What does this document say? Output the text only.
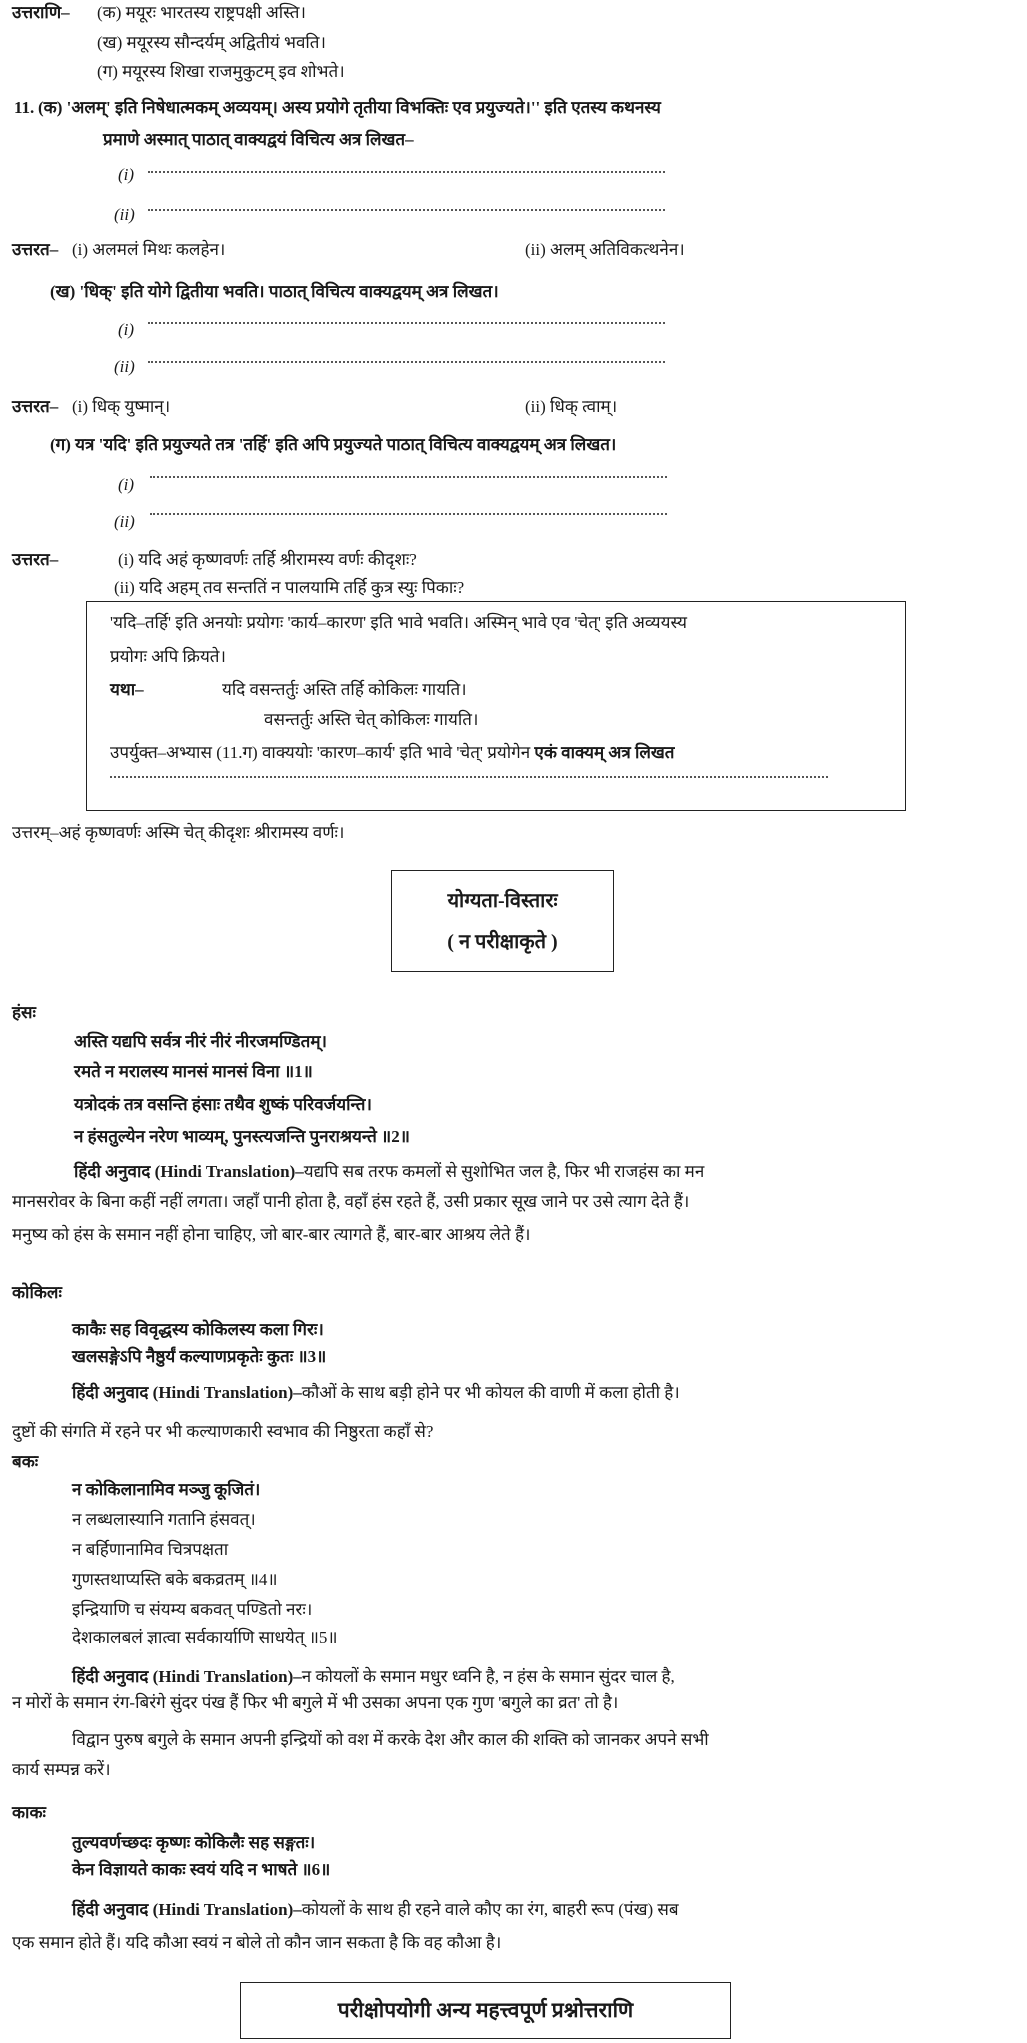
उत्तराणि– (क) मयूरः भारतस्य राष्ट्रपक्षी अस्ति।
(ख) मयूरस्य सौन्दर्यम् अद्वितीयं भवति।
(ग) मयूरस्य शिखा राजमुकुटम् इव शोभते।
11. (क) 'अलम्' इति निषेधात्मकम् अव्ययम्। अस्य प्रयोगे तृतीया विभक्तिः एव प्रयुज्यते।'' इति एतस्य कथनस्य
प्रमाणे अस्मात् पाठात् वाक्यद्वयं विचित्य अत्र लिखत–
(i)
(ii)
उत्तरत– (i) अलमलं मिथः कलहेन।	(ii) अलम् अतिविकत्थनेन।
(ख) 'धिक्' इति योगे द्वितीया भवति। पाठात् विचित्य वाक्यद्वयम् अत्र लिखत।
(i)
(ii)
उत्तरत– (i) धिक् युष्मान्।	(ii) धिक् त्वाम्।
(ग) यत्र 'यदि' इति प्रयुज्यते तत्र 'तर्हि' इति अपि प्रयुज्यते पाठात् विचित्य वाक्यद्वयम् अत्र लिखत।
(i)
(ii)
उत्तरत–	(i) यदि अहं कृष्णवर्णः तर्हि श्रीरामस्य वर्णः कीदृशः?
(ii) यदि अहम् तव सन्ततिं न पालयामि तर्हि कुत्र स्युः पिकाः?
'यदि–तर्हि' इति अनयोः प्रयोगः 'कार्य–कारण' इति भावे भवति। अस्मिन् भावे एव 'चेत्' इति अव्ययस्य
प्रयोगः अपि क्रियते।
यथा–	यदि वसन्तर्तुः अस्ति तर्हि कोकिलः गायति।
वसन्तर्तुः अस्ति चेत् कोकिलः गायति।
उपर्युक्त–अभ्यास (11.ग) वाक्ययोः 'कारण–कार्य' इति भावे 'चेत्' प्रयोगेन एकं वाक्यम् अत्र लिखत
उत्तरम्–अहं कृष्णवर्णः अस्मि चेत् कीदृशः श्रीरामस्य वर्णः।
योग्यता-विस्तारः
( न परीक्षाकृते )
हंसः
अस्ति यद्यपि सर्वत्र नीरं नीरं नीरजमण्डितम्।
रमते न मरालस्य मानसं मानसं विना ॥1॥
यत्रोदकं तत्र वसन्ति हंसाः तथैव शुष्कं परिवर्जयन्ति।
न हंसतुल्येन नरेण भाव्यम्, पुनस्त्यजन्ति पुनराश्रयन्ते ॥2॥
हिंदी अनुवाद (Hindi Translation)–यद्यपि सब तरफ कमलों से सुशोभित जल है, फिर भी राजहंस का मन
मानसरोवर के बिना कहीं नहीं लगता। जहाँ पानी होता है, वहाँ हंस रहते हैं, उसी प्रकार सूख जाने पर उसे त्याग देते हैं।
मनुष्य को हंस के समान नहीं होना चाहिए, जो बार-बार त्यागते हैं, बार-बार आश्रय लेते हैं।
कोकिलः
काकैः सह विवृद्धस्य कोकिलस्य कला गिरः।
खलसङ्गेऽपि नैष्ठुर्यं कल्याणप्रकृतेः कुतः ॥3॥
हिंदी अनुवाद (Hindi Translation)–कौओं के साथ बड़ी होने पर भी कोयल की वाणी में कला होती है।
दुष्टों की संगति में रहने पर भी कल्याणकारी स्वभाव की निष्ठुरता कहाँ से?
बकः
न कोकिलानामिव मञ्जु कूजितं।
न लब्धलास्यानि गतानि हंसवत्।
न बर्हिणानामिव चित्रपक्षता
गुणस्तथाप्यस्ति बके बकव्रतम् ॥4॥
इन्द्रियाणि च संयम्य बकवत् पण्डितो नरः।
देशकालबलं ज्ञात्वा सर्वकार्याणि साधयेत् ॥5॥
हिंदी अनुवाद (Hindi Translation)–न कोयलों के समान मधुर ध्वनि है, न हंस के समान सुंदर चाल है,
न मोरों के समान रंग-बिरंगे सुंदर पंख हैं फिर भी बगुले में भी उसका अपना एक गुण 'बगुले का व्रत' तो है।
विद्वान पुरुष बगुले के समान अपनी इन्द्रियों को वश में करके देश और काल की शक्ति को जानकर अपने सभी
कार्य सम्पन्न करें।
काकः
तुल्यवर्णच्छदः कृष्णः कोकिलैः सह सङ्गतः।
केन विज्ञायते काकः स्वयं यदि न भाषते ॥6॥
हिंदी अनुवाद (Hindi Translation)–कोयलों के साथ ही रहने वाले कौए का रंग, बाहरी रूप (पंख) सब
एक समान होते हैं। यदि कौआ स्वयं न बोले तो कौन जान सकता है कि वह कौआ है।
परीक्षोपयोगी अन्य महत्त्वपूर्ण प्रश्नोत्तराणि
